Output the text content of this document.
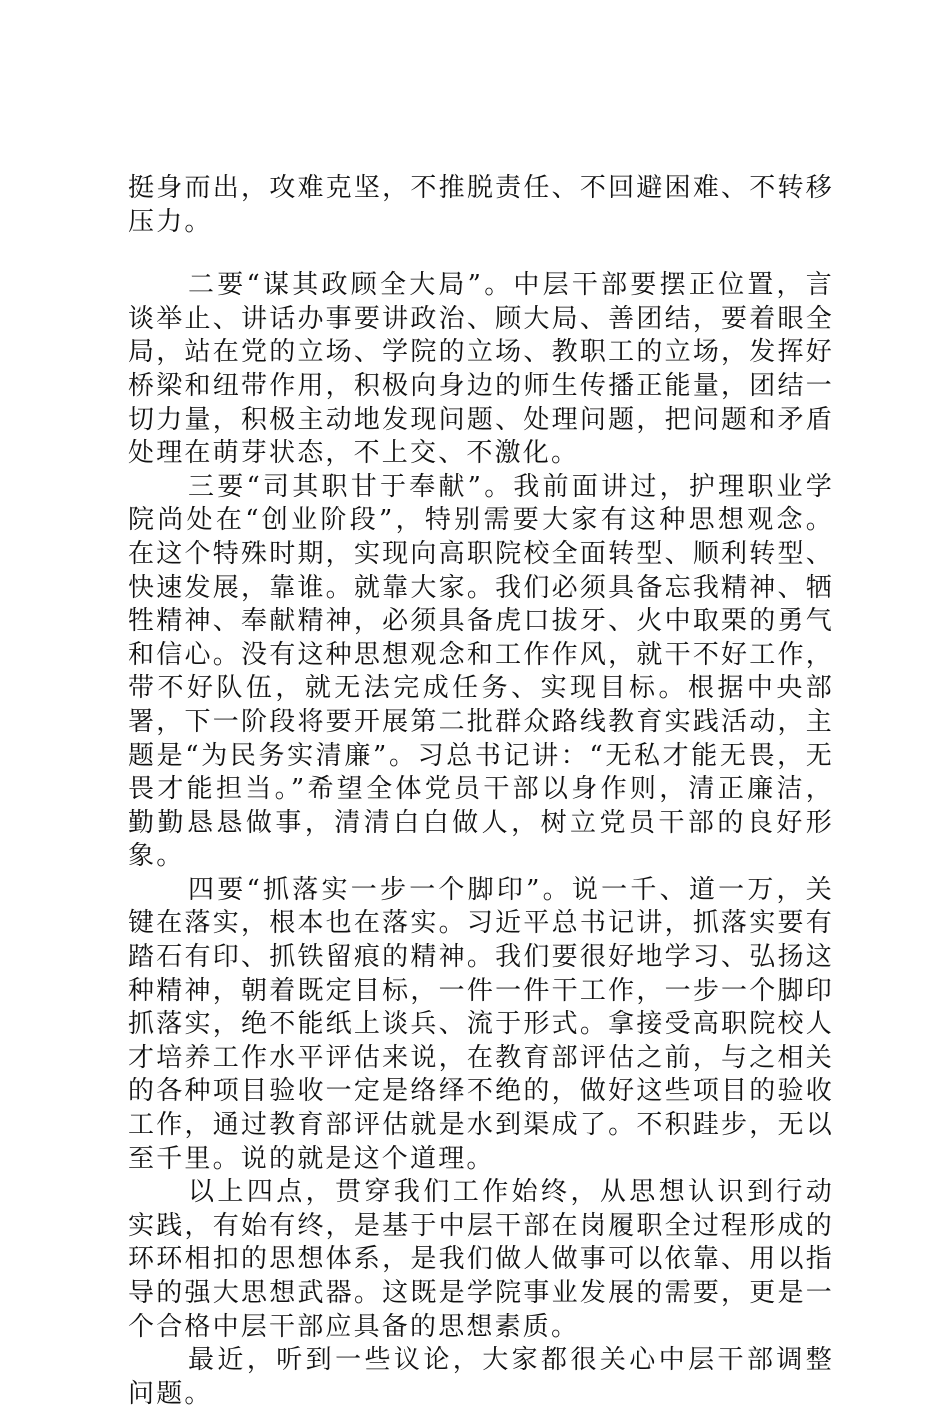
挺身而出，攻难克坚，不推脱责任、不回避困难、不转移压力。

二要“谋其政顾全大局”。中层干部要摆正位置，言谈举止、讲话办事要讲政治、顾大局、善团结，要着眼全局，站在党的立场、学院的立场、教职工的立场，发挥好桥梁和纽带作用，积极向身边的师生传播正能量，团结一切力量，积极主动地发现问题、处理问题，把问题和矛盾处理在萌芽状态，不上交、不激化。

三要“司其职甘于奉献”。我前面讲过，护理职业学院尚处在“创业阶段”，特别需要大家有这种思想观念。在这个特殊时期，实现向高职院校全面转型、顺利转型、快速发展，靠谁。就靠大家。我们必须具备忘我精神、牺牲精神、奉献精神，必须具备虎口拔牙、火中取栗的勇气和信心。没有这种思想观念和工作作风，就干不好工作，带不好队伍，就无法完成任务、实现目标。根据中央部署，下一阶段将要开展第二批群众路线教育实践活动，主题是“为民务实清廉”。习总书记讲：“无私才能无畏，无畏才能担当。”希望全体党员干部以身作则，清正廉洁，勤勤恳恳做事，清清白白做人，树立党员干部的良好形象。

四要“抓落实一步一个脚印”。说一千、道一万，关键在落实，根本也在落实。习近平总书记讲，抓落实要有踏石有印、抓铁留痕的精神。我们要很好地学习、弘扬这种精神，朝着既定目标，一件一件干工作，一步一个脚印抓落实，绝不能纸上谈兵、流于形式。拿接受高职院校人才培养工作水平评估来说，在教育部评估之前，与之相关的各种项目验收一定是络绎不绝的，做好这些项目的验收工作，通过教育部评估就是水到渠成了。不积跬步，无以至千里。说的就是这个道理。

以上四点，贯穿我们工作始终，从思想认识到行动实践，有始有终，是基于中层干部在岗履职全过程形成的环环相扣的思想体系，是我们做人做事可以依靠、用以指导的强大思想武器。这既是学院事业发展的需要，更是一个合格中层干部应具备的思想素质。

最近，听到一些议论，大家都很关心中层干部调整问题。
